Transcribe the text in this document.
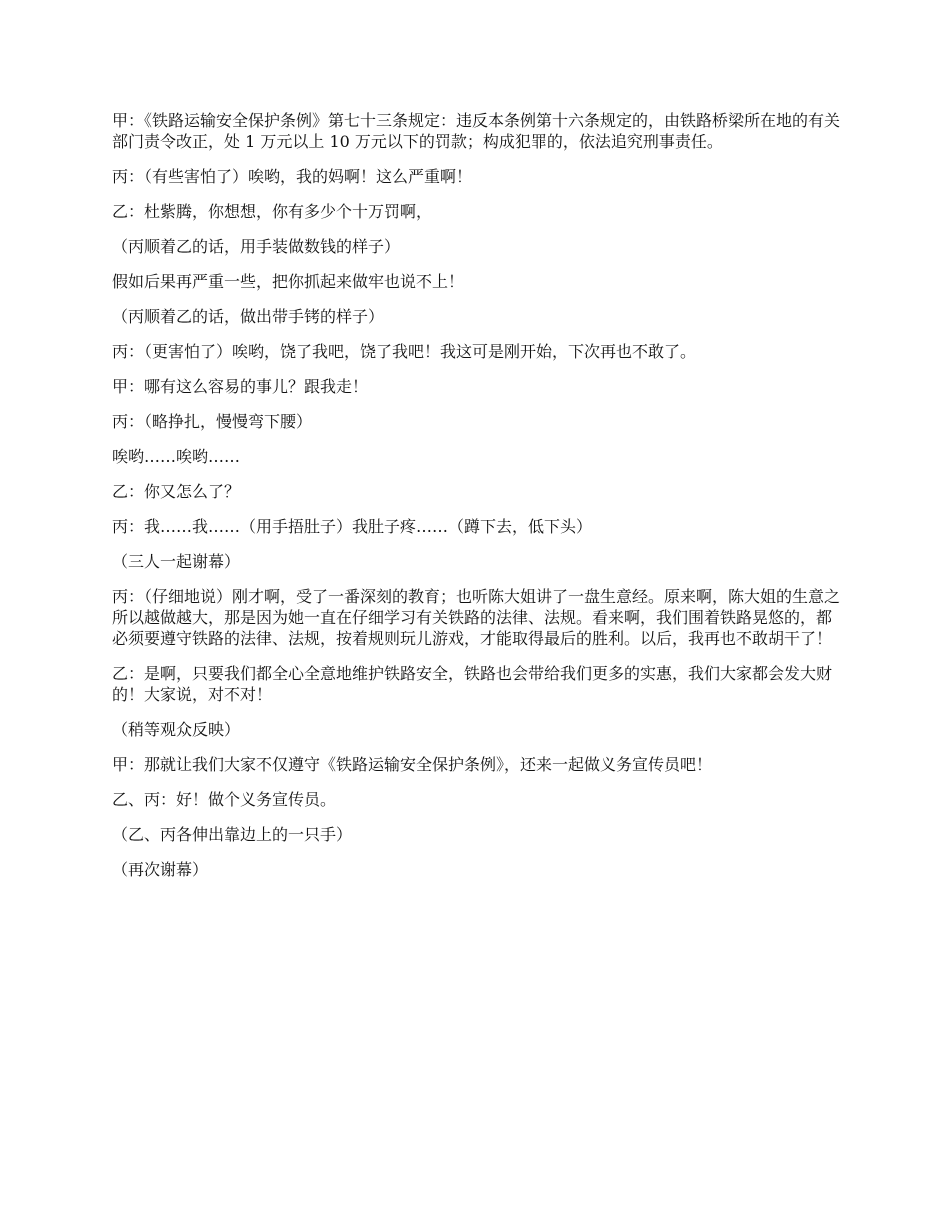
甲：《铁路运输安全保护条例》第七十三条规定：违反本条例第十六条规定的，由铁路桥梁所在地的有关部门责令改正，处 1 万元以上 10 万元以下的罚款；构成犯罪的，依法追究刑事责任。

丙：（有些害怕了）唉哟，我的妈啊！这么严重啊！

乙：杜紫腾，你想想，你有多少个十万罚啊，

（丙顺着乙的话，用手装做数钱的样子）

假如后果再严重一些，把你抓起来做牢也说不上！

（丙顺着乙的话，做出带手铐的样子）

丙：（更害怕了）唉哟，饶了我吧，饶了我吧！我这可是刚开始，下次再也不敢了。

甲：哪有这么容易的事儿？跟我走！

丙：（略挣扎，慢慢弯下腰）

唉哟……唉哟……

乙：你又怎么了？

丙：我……我……（用手捂肚子）我肚子疼……（蹲下去，低下头）

（三人一起谢幕）

丙：（仔细地说）刚才啊，受了一番深刻的教育；也听陈大姐讲了一盘生意经。原来啊，陈大姐的生意之所以越做越大，那是因为她一直在仔细学习有关铁路的法律、法规。看来啊，我们围着铁路晃悠的，都必须要遵守铁路的法律、法规，按着规则玩儿游戏，才能取得最后的胜利。以后，我再也不敢胡干了！

乙：是啊，只要我们都全心全意地维护铁路安全，铁路也会带给我们更多的实惠，我们大家都会发大财的！大家说，对不对！

（稍等观众反映）

甲：那就让我们大家不仅遵守《铁路运输安全保护条例》，还来一起做义务宣传员吧！

乙、丙：好！做个义务宣传员。

（乙、丙各伸出靠边上的一只手）

（再次谢幕）
